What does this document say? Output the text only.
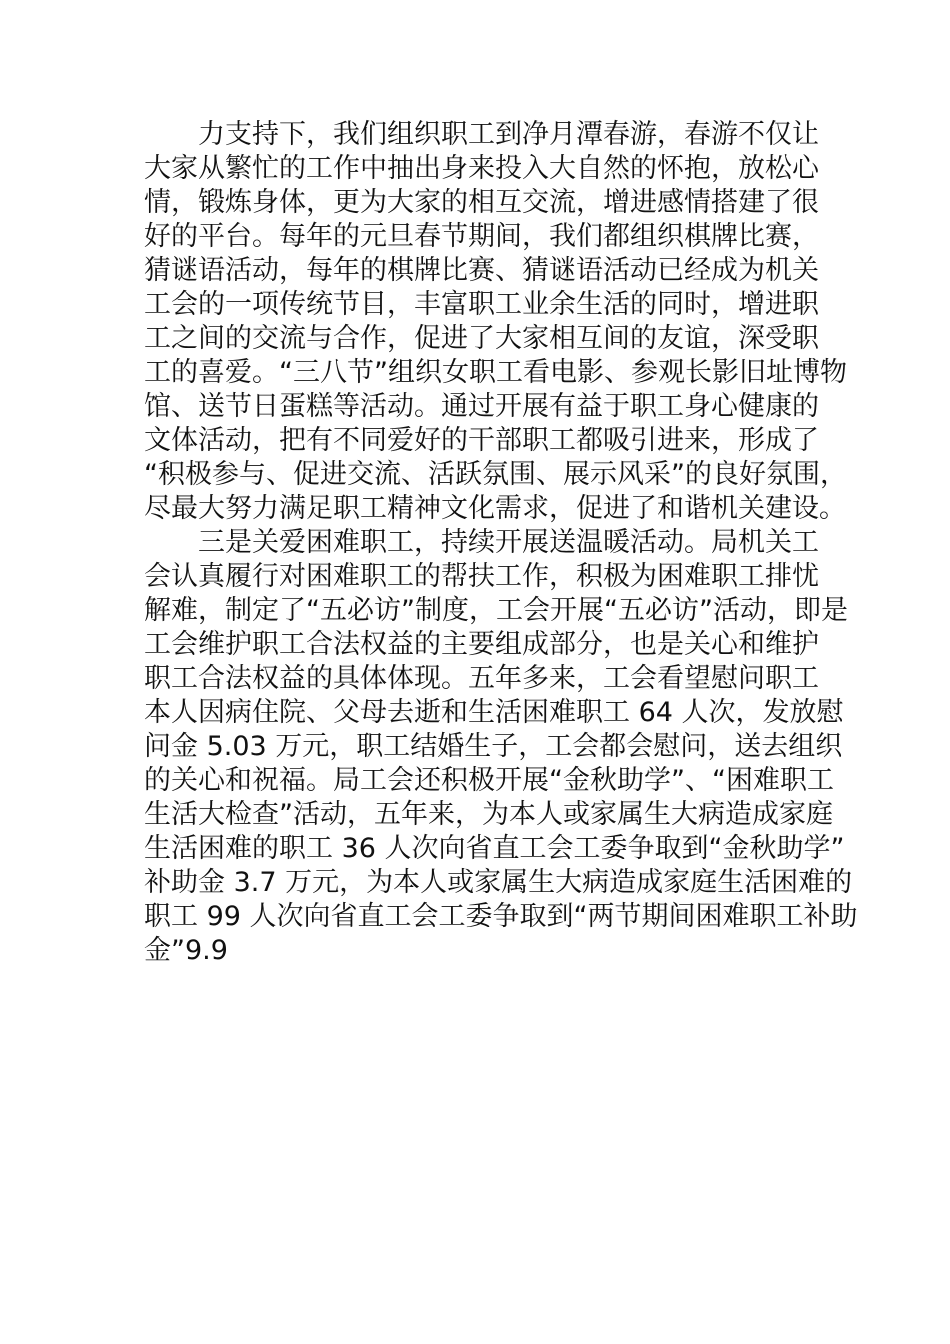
力支持下，我们组织职工到净月潭春游，春游不仅让
大家从繁忙的工作中抽出身来投入大自然的怀抱，放松心
情，锻炼身体，更为大家的相互交流，增进感情搭建了很
好的平台。每年的元旦春节期间，我们都组织棋牌比赛，
猜谜语活动，每年的棋牌比赛、猜谜语活动已经成为机关
工会的一项传统节目，丰富职工业余生活的同时，增进职
工之间的交流与合作，促进了大家相互间的友谊，深受职
工的喜爱。“三八节”组织女职工看电影、参观长影旧址博物
馆、送节日蛋糕等活动。通过开展有益于职工身心健康的
文体活动，把有不同爱好的干部职工都吸引进来，形成了
“积极参与、促进交流、活跃氛围、展示风采”的良好氛围，
尽最大努力满足职工精神文化需求，促进了和谐机关建设。
三是关爱困难职工，持续开展送温暖活动。局机关工
会认真履行对困难职工的帮扶工作，积极为困难职工排忧
解难，制定了“五必访”制度，工会开展“五必访”活动，即是
工会维护职工合法权益的主要组成部分，也是关心和维护
职工合法权益的具体体现。五年多来，工会看望慰问职工
本人因病住院、父母去逝和生活困难职工 64 人次，发放慰
问金 5.03 万元，职工结婚生子，工会都会慰问，送去组织
的关心和祝福。局工会还积极开展“金秋助学”、“困难职工
生活大检查”活动，五年来，为本人或家属生大病造成家庭
生活困难的职工 36 人次向省直工会工委争取到“金秋助学”
补助金 3.7 万元，为本人或家属生大病造成家庭生活困难的
职工 99 人次向省直工会工委争取到“两节期间困难职工补助
金”9.9
